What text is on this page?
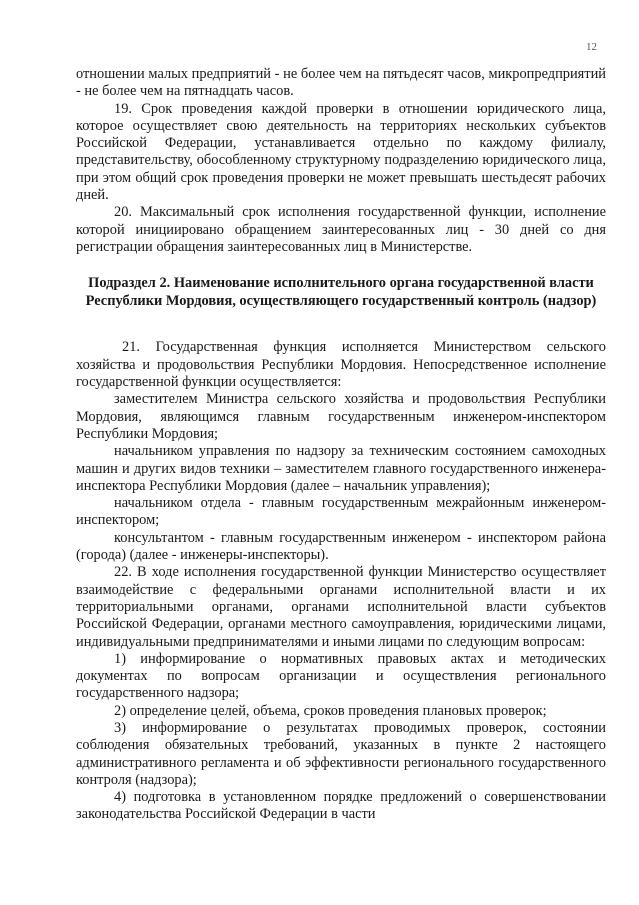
12

отношении малых предприятий - не более чем на пятьдесят часов, микропредприятий - не более чем на пятнадцать часов.

19. Срок проведения каждой проверки в отношении юридического лица, которое осуществляет свою деятельность на территориях нескольких субъектов Российской Федерации, устанавливается отдельно по каждому филиалу, представительству, обособленному структурному подразделению юридического лица, при этом общий срок проведения проверки не может превышать шестьдесят рабочих дней.

20. Максимальный срок исполнения государственной функции, исполнение которой инициировано обращением заинтересованных лиц - 30 дней со дня регистрации обращения заинтересованных лиц в Министерстве.

Подраздел 2. Наименование исполнительного органа государственной власти Республики Мордовия, осуществляющего государственный контроль (надзор)

21. Государственная функция исполняется Министерством сельского хозяйства и продовольствия Республики Мордовия. Непосредственное исполнение государственной функции осуществляется:

заместителем Министра сельского хозяйства и продовольствия Республики Мордовия, являющимся главным государственным инженером-инспектором Республики Мордовия;

начальником управления по надзору за техническим состоянием самоходных машин и других видов техники – заместителем главного государственного инженера-инспектора Республики Мордовия (далее – начальник управления);

начальником отдела - главным государственным межрайонным инженером-инспектором;

консультантом - главным государственным инженером - инспектором района (города) (далее - инженеры-инспекторы).

22. В ходе исполнения государственной функции Министерство осуществляет взаимодействие с федеральными органами исполнительной власти и их территориальными органами, органами исполнительной власти субъектов Российской Федерации, органами местного самоуправления, юридическими лицами, индивидуальными предпринимателями и иными лицами по следующим вопросам:

1) информирование о нормативных правовых актах и методических документах по вопросам организации и осуществления регионального государственного надзора;

2) определение целей, объема, сроков проведения плановых проверок;

3) информирование о результатах проводимых проверок, состоянии соблюдения обязательных требований, указанных в пункте 2 настоящего административного регламента и об эффективности регионального государственного контроля (надзора);

4) подготовка в установленном порядке предложений о совершенствовании законодательства Российской Федерации в части
